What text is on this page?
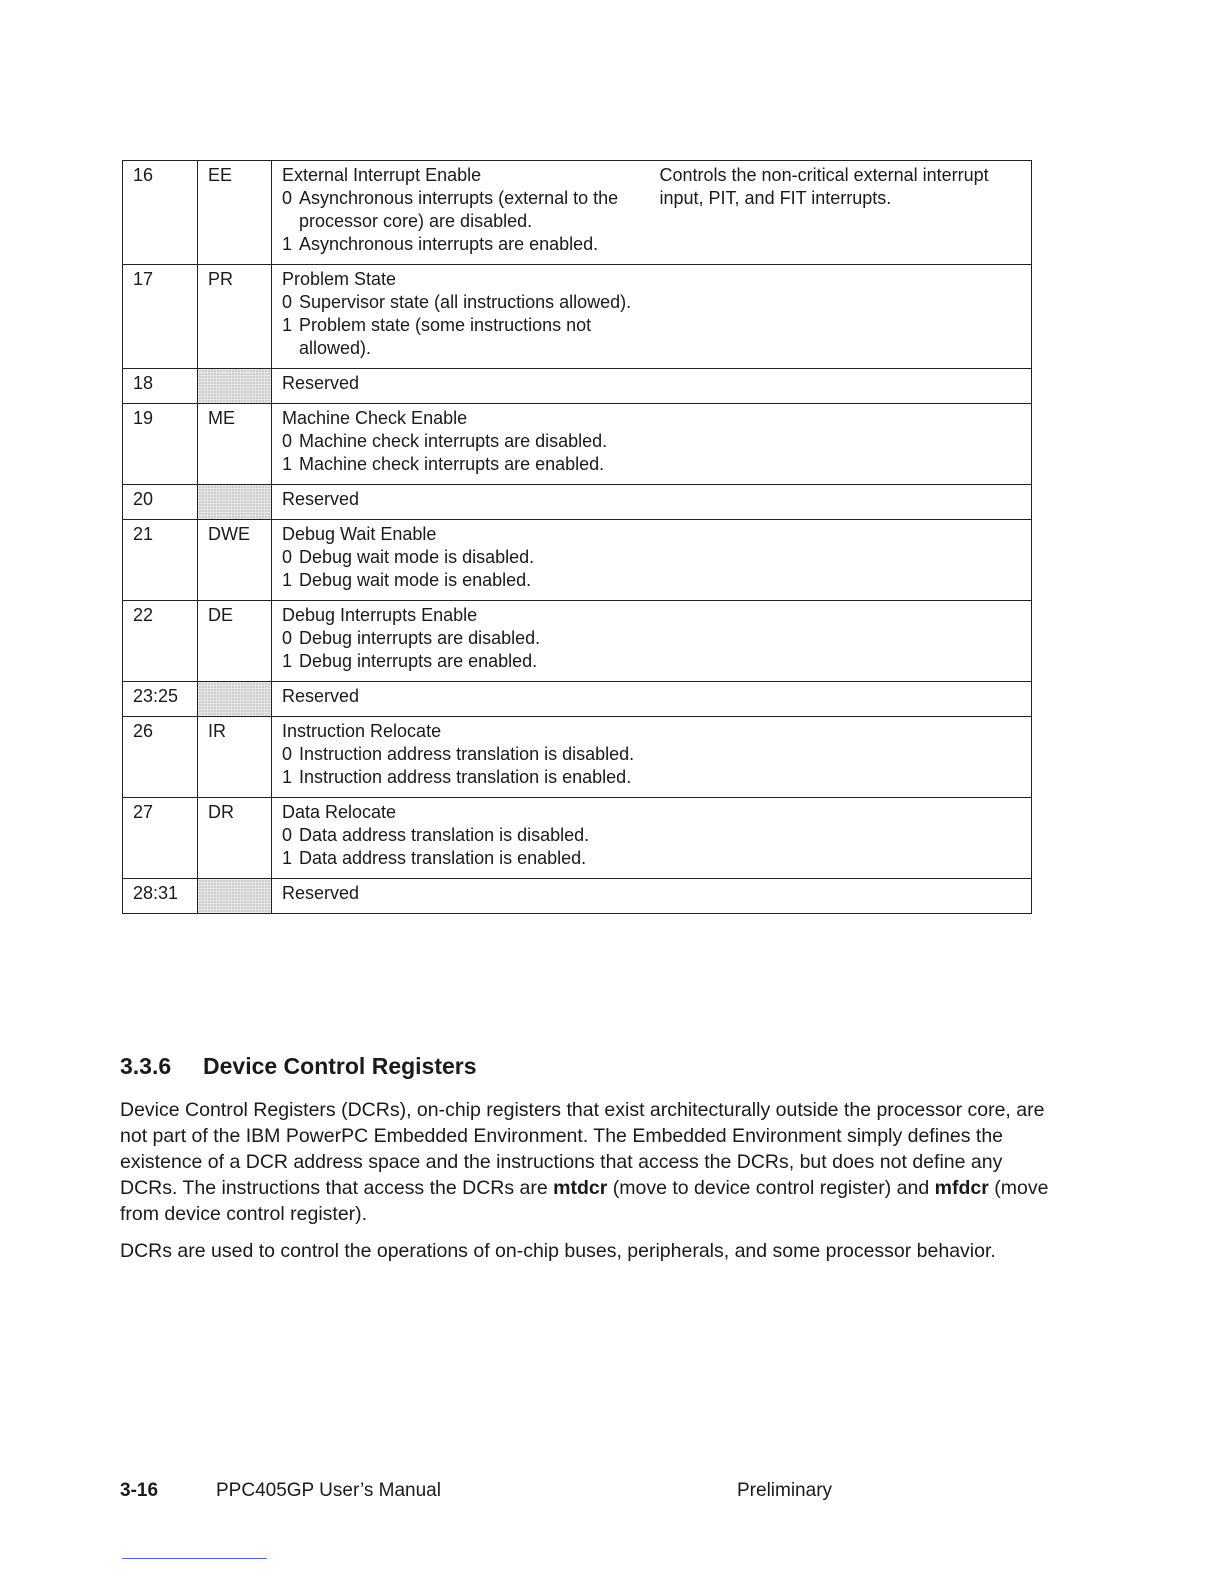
16	EE	External Interrupt Enable
0 Asynchronous interrupts (external to the processor core) are disabled.
1 Asynchronous interrupts are enabled.	Controls the non-critical external interrupt input, PIT, and FIT interrupts.
17	PR	Problem State
0 Supervisor state (all instructions allowed).
1 Problem state (some instructions not allowed).	

18		Reserved	

19	ME	Machine Check Enable
0 Machine check interrupts are disabled.
1 Machine check interrupts are enabled.	

20		Reserved	

21	DWE	Debug Wait Enable
0 Debug wait mode is disabled.
1 Debug wait mode is enabled.	

22	DE	Debug Interrupts Enable
0 Debug interrupts are disabled.
1 Debug interrupts are enabled.	

23:25		Reserved	

26	IR	Instruction Relocate
0 Instruction address translation is disabled.
1 Instruction address translation is enabled.	

27	DR	Data Relocate
0 Data address translation is disabled.
1 Data address translation is enabled.	

28:31		Reserved	

3.3.6 Device Control Registers

Device Control Registers (DCRs), on-chip registers that exist architecturally outside the processor core, are not part of the IBM PowerPC Embedded Environment. The Embedded Environment simply defines the existence of a DCR address space and the instructions that access the DCRs, but does not define any DCRs. The instructions that access the DCRs are mtdcr (move to device control register) and mfdcr (move from device control register).

DCRs are used to control the operations of on-chip buses, peripherals, and some processor behavior.

3-16	PPC405GP User’s Manual	Preliminary
